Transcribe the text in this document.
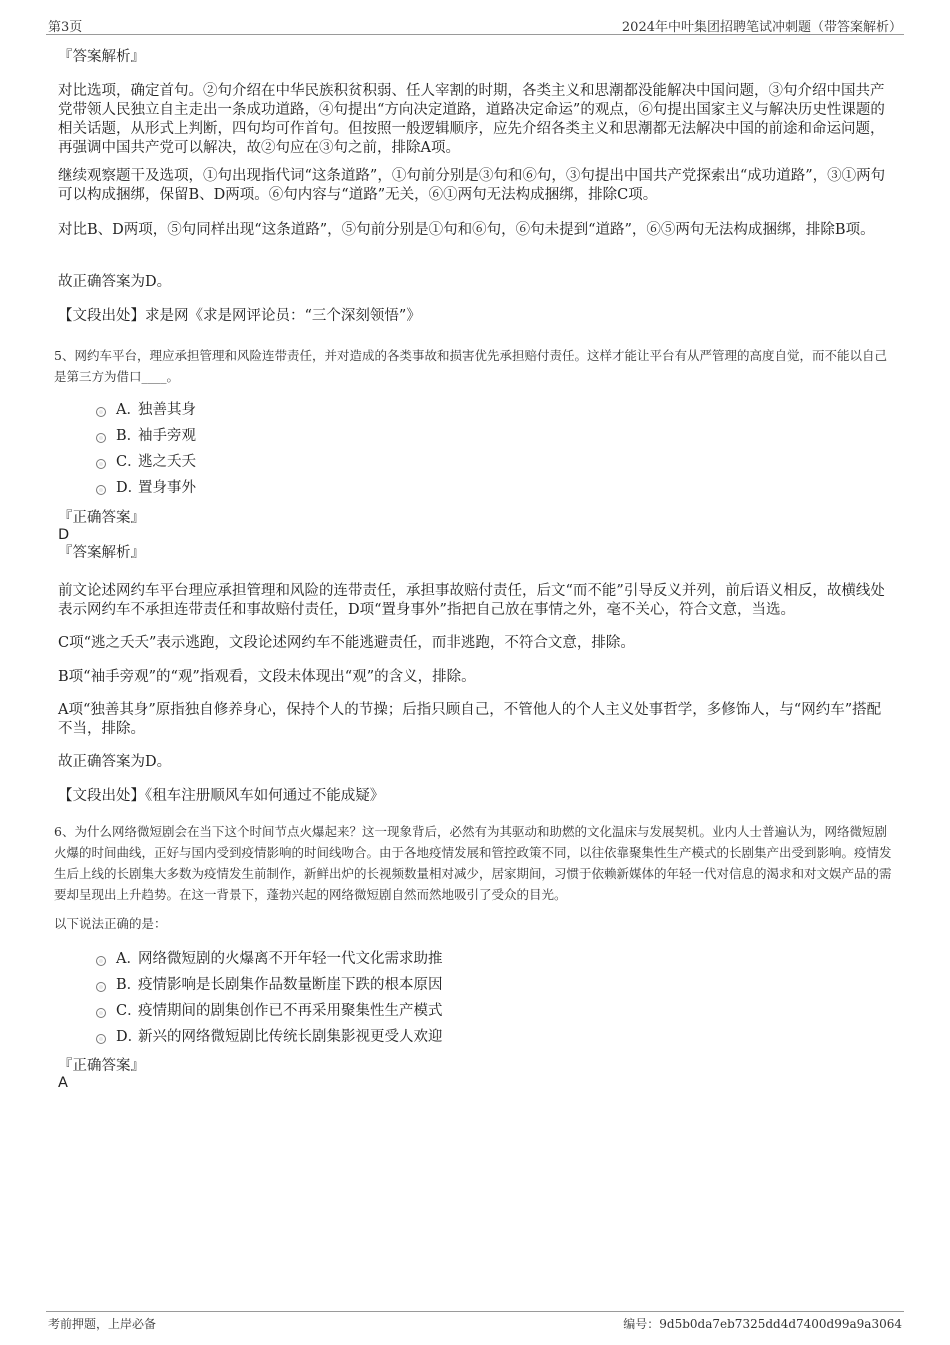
第3页	2024年中叶集团招聘笔试冲刺题（带答案解析）

『答案解析』

对比选项，确定首句。②句介绍在中华民族积贫积弱、任人宰割的时期，各类主义和思潮都没能解决中国问题，③句介绍中国共产党带领人民独立自主走出一条成功道路，④句提出“方向决定道路，道路决定命运”的观点，⑥句提出国家主义与解决历史性课题的相关话题，从形式上判断，四句均可作首句。但按照一般逻辑顺序，应先介绍各类主义和思潮都无法解决中国的前途和命运问题，再强调中国共产党可以解决，故②句应在③句之前，排除A项。

继续观察题干及选项，①句出现指代词“这条道路”，①句前分别是③句和⑥句，③句提出中国共产党探索出“成功道路”，③①两句可以构成捆绑，保留B、D两项。⑥句内容与“道路”无关，⑥①两句无法构成捆绑，排除C项。

对比B、D两项，⑤句同样出现“这条道路”，⑤句前分别是①句和⑥句，⑥句未提到“道路”，⑥⑤两句无法构成捆绑，排除B项。

故正确答案为D。

【文段出处】求是网《求是网评论员：“三个深刻领悟”》

5、网约车平台，理应承担管理和风险连带责任，并对造成的各类事故和损害优先承担赔付责任。这样才能让平台有从严管理的高度自觉，而不能以自己是第三方为借口____。

A．独善其身
B．袖手旁观
C．逃之夭夭
D．置身事外

『正确答案』

D

『答案解析』

前文论述网约车平台理应承担管理和风险的连带责任，承担事故赔付责任，后文“而不能”引导反义并列，前后语义相反，故横线处表示网约车不承担连带责任和事故赔付责任，D项“置身事外”指把自己放在事情之外，毫不关心，符合文意，当选。

C项“逃之夭夭”表示逃跑，文段论述网约车不能逃避责任，而非逃跑，不符合文意，排除。

B项“袖手旁观”的“观”指观看，文段未体现出“观”的含义，排除。

A项“独善其身”原指独自修养身心，保持个人的节操；后指只顾自己，不管他人的个人主义处事哲学，多修饰人，与“网约车”搭配不当，排除。

故正确答案为D。

【文段出处】《租车注册顺风车如何通过不能成疑》

6、为什么网络微短剧会在当下这个时间节点火爆起来？这一现象背后，必然有为其驱动和助燃的文化温床与发展契机。业内人士普遍认为，网络微短剧火爆的时间曲线，正好与国内受到疫情影响的时间线吻合。由于各地疫情发展和管控政策不同，以往依靠聚集性生产模式的长剧集产出受到影响。疫情发生后上线的长剧集大多数为疫情发生前制作，新鲜出炉的长视频数量相对减少，居家期间，习惯于依赖新媒体的年轻一代对信息的渴求和对文娱产品的需要却呈现出上升趋势。在这一背景下，蓬勃兴起的网络微短剧自然而然地吸引了受众的目光。

以下说法正确的是：

A．网络微短剧的火爆离不开年轻一代文化需求助推
B．疫情影响是长剧集作品数量断崖下跌的根本原因
C．疫情期间的剧集创作已不再采用聚集性生产模式
D．新兴的网络微短剧比传统长剧集影视更受人欢迎

『正确答案』

A

考前押题，上岸必备	编号：9d5b0da7eb7325dd4d7400d99a9a3064
